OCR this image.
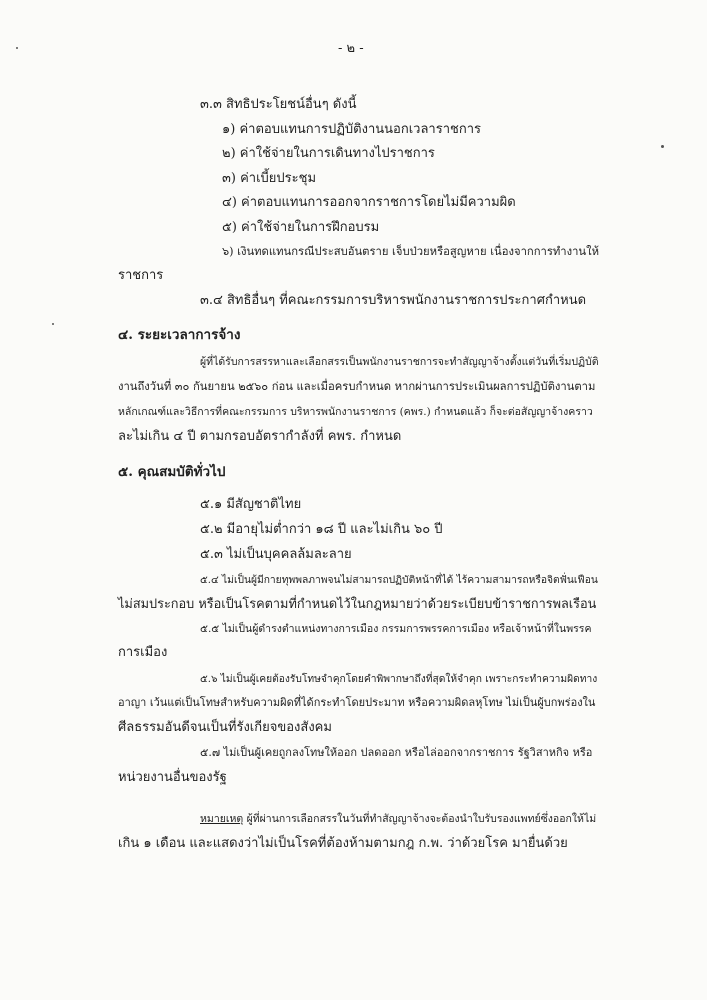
- ๒ -
๓.๓ สิทธิประโยชน์อื่นๆ ดังนี้
๑) ค่าตอบแทนการปฏิบัติงานนอกเวลาราชการ
๒) ค่าใช้จ่ายในการเดินทางไปราชการ
๓) ค่าเบี้ยประชุม
๔) ค่าตอบแทนการออกจากราชการโดยไม่มีความผิด
๕) ค่าใช้จ่ายในการฝึกอบรม
๖) เงินทดแทนกรณีประสบอันตราย เจ็บป่วยหรือสูญหาย เนื่องจากการทำงานให้
ราชการ
๓.๔ สิทธิอื่นๆ ที่คณะกรรมการบริหารพนักงานราชการประกาศกำหนด
๔. ระยะเวลาการจ้าง
ผู้ที่ได้รับการสรรหาและเลือกสรรเป็นพนักงานราชการจะทำสัญญาจ้างตั้งแต่วันที่เริ่มปฏิบัติ
งานถึงวันที่ ๓๐ กันยายน ๒๕๖๐ ก่อน และเมื่อครบกำหนด หากผ่านการประเมินผลการปฏิบัติงานตาม
หลักเกณฑ์และวิธีการที่คณะกรรมการ บริหารพนักงานราชการ (คพร.) กำหนดแล้ว ก็จะต่อสัญญาจ้างคราว
ละไม่เกิน ๔ ปี ตามกรอบอัตรากำลังที่ คพร. กำหนด
๕. คุณสมบัติทั่วไป
๕.๑ มีสัญชาติไทย
๕.๒ มีอายุไม่ต่ำกว่า ๑๘ ปี และไม่เกิน ๖๐ ปี
๕.๓ ไม่เป็นบุคคลล้มละลาย
๕.๔ ไม่เป็นผู้มีกายทุพพลภาพจนไม่สามารถปฏิบัติหน้าที่ได้ ไร้ความสามารถหรือจิตฟั่นเฟือน
ไม่สมประกอบ หรือเป็นโรคตามที่กำหนดไว้ในกฎหมายว่าด้วยระเบียบข้าราชการพลเรือน
๕.๕ ไม่เป็นผู้ดำรงตำแหน่งทางการเมือง กรรมการพรรคการเมือง หรือเจ้าหน้าที่ในพรรค
การเมือง
๕.๖ ไม่เป็นผู้เคยต้องรับโทษจำคุกโดยคำพิพากษาถึงที่สุดให้จำคุก เพราะกระทำความผิดทาง
อาญา เว้นแต่เป็นโทษสำหรับความผิดที่ได้กระทำโดยประมาท หรือความผิดลหุโทษ ไม่เป็นผู้บกพร่องใน
ศีลธรรมอันดีจนเป็นที่รังเกียจของสังคม
๕.๗ ไม่เป็นผู้เคยถูกลงโทษให้ออก ปลดออก หรือไล่ออกจากราชการ รัฐวิสาหกิจ หรือ
หน่วยงานอื่นของรัฐ
หมายเหตุ ผู้ที่ผ่านการเลือกสรรในวันที่ทำสัญญาจ้างจะต้องนำใบรับรองแพทย์ซึ่งออกให้ไม่
เกิน ๑ เดือน และแสดงว่าไม่เป็นโรคที่ต้องห้ามตามกฎ ก.พ. ว่าด้วยโรค มายื่นด้วย
